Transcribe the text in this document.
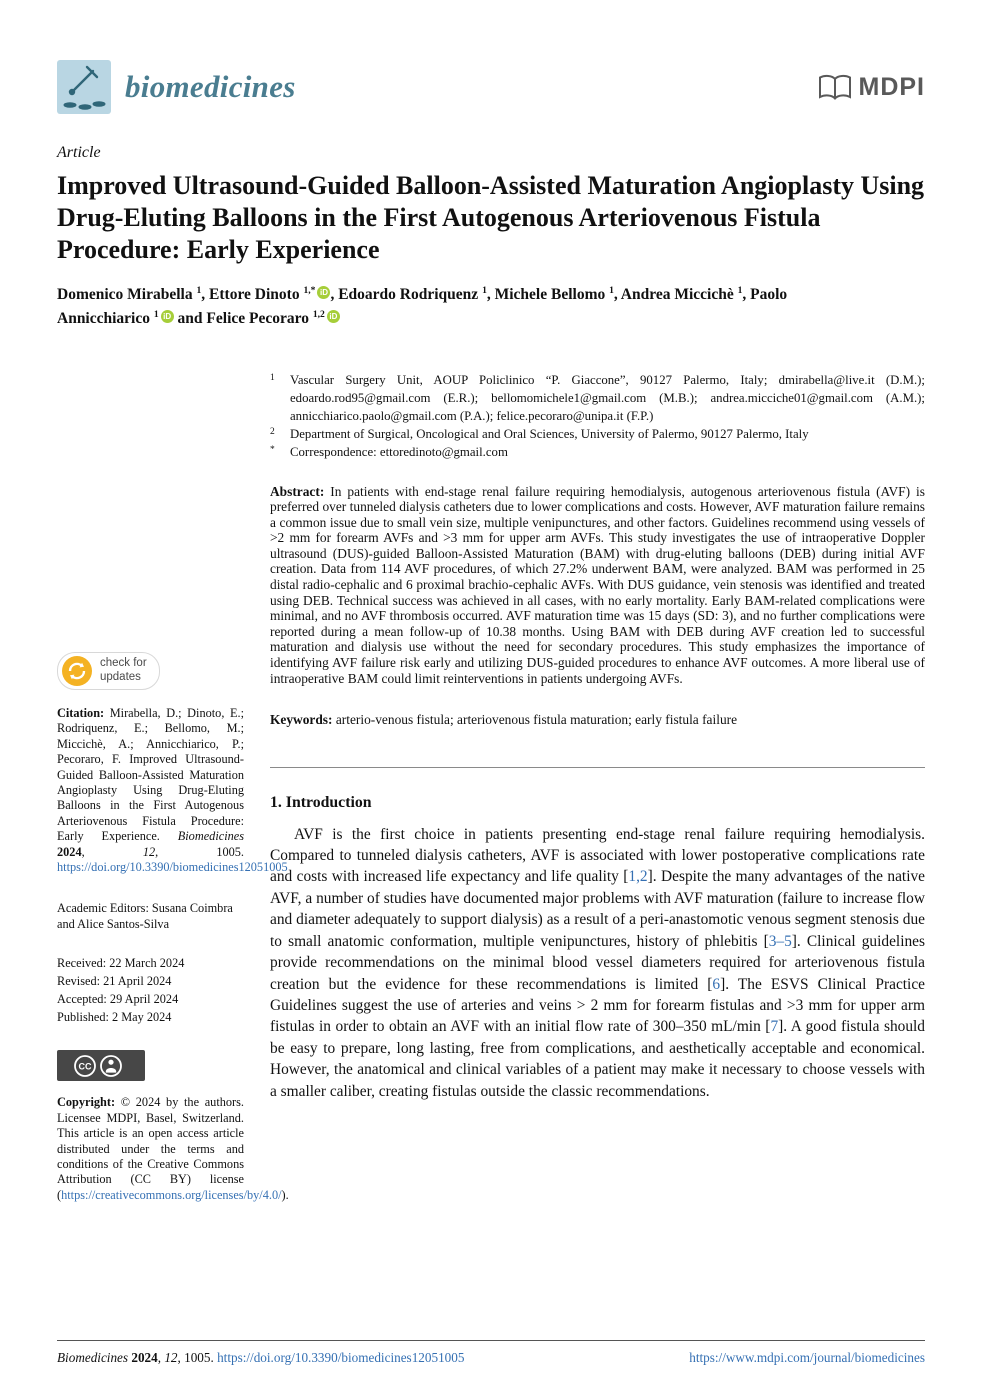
biomedicines	MDPI
Article
Improved Ultrasound-Guided Balloon-Assisted Maturation Angioplasty Using Drug-Eluting Balloons in the First Autogenous Arteriovenous Fistula Procedure: Early Experience
Domenico Mirabella $^1$, Ettore Dinoto $^{1,*}$ iD , Edoardo Rodriquenz $^1$, Michele Bellomo $^1$, Andrea Miccichè $^1$, Paolo Annicchiarico $^1$ iD and Felice Pecoraro $^{1,2}$ iD
check for
updates

Citation: Mirabella, D.; Dinoto, E.; Rodriquenz, E.; Bellomo, M.; Miccichè, A.; Annicchiarico, P.; Pecoraro, F. Improved Ultrasound-Guided Balloon-Assisted Maturation Angioplasty Using Drug-Eluting Balloons in the First Autogenous Arteriovenous Fistula Procedure: Early Experience. Biomedicines 2024, 12, 1005. https://doi.org/10.3390/biomedicines12051005

Academic Editors: Susana Coimbra and Alice Santos-Silva

Received: 22 March 2024
Revised: 21 April 2024
Accepted: 29 April 2024
Published: 2 May 2024
CC

Copyright: © 2024 by the authors. Licensee MDPI, Basel, Switzerland. This article is an open access article distributed under the terms and conditions of the Creative Commons Attribution (CC BY) license (https://creativecommons.org/licenses/by/4.0/).

1	Vascular Surgery Unit, AOUP Policlinico “P. Giaccone”, 90127 Palermo, Italy; dmirabella@live.it (D.M.); edoardo.rod95@gmail.com (E.R.); bellomomichele1@gmail.com (M.B.); andrea.micciche01@gmail.com (A.M.); annicchiarico.paolo@gmail.com (P.A.); felice.pecoraro@unipa.it (F.P.)
2	Department of Surgical, Oncological and Oral Sciences, University of Palermo, 90127 Palermo, Italy
*	Correspondence: ettoredinoto@gmail.com

Abstract: In patients with end-stage renal failure requiring hemodialysis, autogenous arteriovenous fistula (AVF) is preferred over tunneled dialysis catheters due to lower complications and costs. However, AVF maturation failure remains a common issue due to small vein size, multiple venipunctures, and other factors. Guidelines recommend using vessels of >2 mm for forearm AVFs and >3 mm for upper arm AVFs. This study investigates the use of intraoperative Doppler ultrasound (DUS)-guided Balloon-Assisted Maturation (BAM) with drug-eluting balloons (DEB) during initial AVF creation. Data from 114 AVF procedures, of which 27.2% underwent BAM, were analyzed. BAM was performed in 25 distal radio-cephalic and 6 proximal brachio-cephalic AVFs. With DUS guidance, vein stenosis was identified and treated using DEB. Technical success was achieved in all cases, with no early mortality. Early BAM-related complications were minimal, and no AVF thrombosis occurred. AVF maturation time was 15 days (SD: 3), and no further complications were reported during a mean follow-up of 10.38 months. Using BAM with DEB during AVF creation led to successful maturation and dialysis use without the need for secondary procedures. This study emphasizes the importance of identifying AVF failure risk early and utilizing DUS-guided procedures to enhance AVF outcomes. A more liberal use of intraoperative BAM could limit reinterventions in patients undergoing AVFs.

Keywords: arterio-venous fistula; arteriovenous fistula maturation; early fistula failure

1. Introduction

AVF is the first choice in patients presenting end-stage renal failure requiring hemodialysis. Compared to tunneled dialysis catheters, AVF is associated with lower postoperative complications rate and costs with increased life expectancy and life quality [1,2]. Despite the many advantages of the native AVF, a number of studies have documented major problems with AVF maturation (failure to increase flow and diameter adequately to support dialysis) as a result of a peri-anastomotic venous segment stenosis due to small anatomic conformation, multiple venipunctures, history of phlebitis [3–5]. Clinical guidelines provide recommendations on the minimal blood vessel diameters required for arteriovenous fistula creation but the evidence for these recommendations is limited [6]. The ESVS Clinical Practice Guidelines suggest the use of arteries and veins > 2 mm for forearm fistulas and >3 mm for upper arm fistulas in order to obtain an AVF with an initial flow rate of 300–350 mL/min [7]. A good fistula should be easy to prepare, long lasting, free from complications, and aesthetically acceptable and economical. However, the anatomical and clinical variables of a patient may make it necessary to choose vessels with a smaller caliber, creating fistulas outside the classic recommendations.

Biomedicines 2024, 12, 1005. https://doi.org/10.3390/biomedicines12051005	https://www.mdpi.com/journal/biomedicines
